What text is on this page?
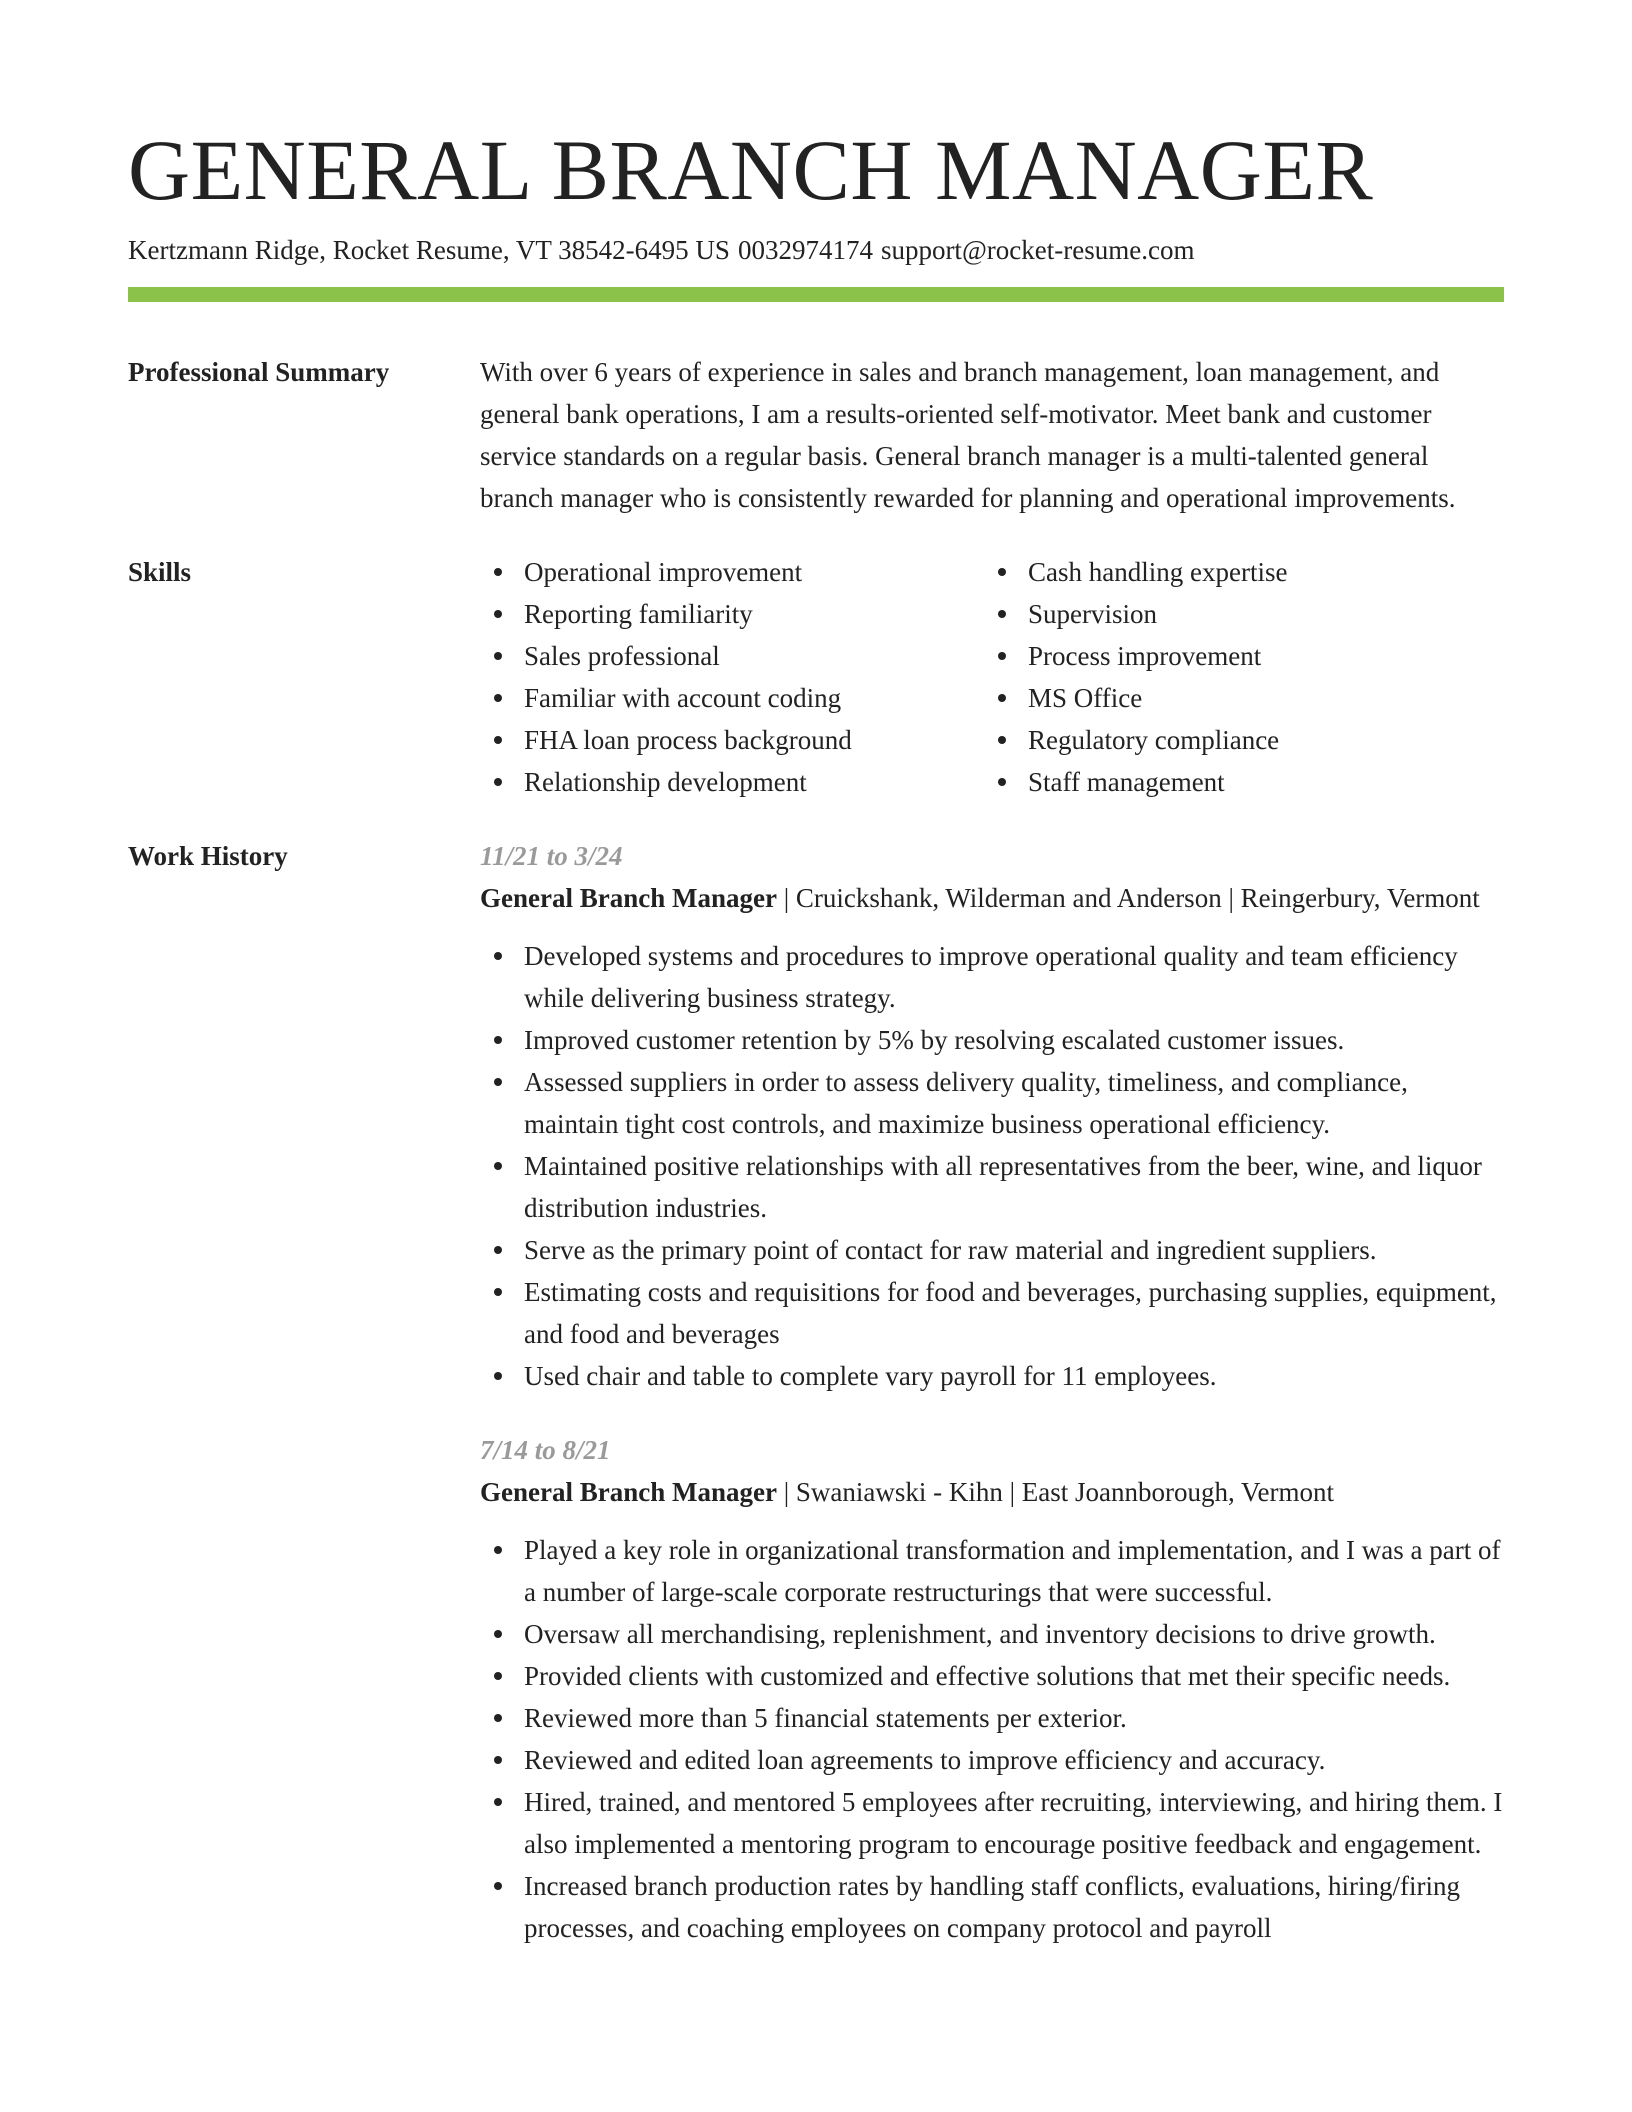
GENERAL BRANCH MANAGER
Kertzmann Ridge, Rocket Resume, VT 38542-6495 US 0032974174 support@rocket-resume.com
Professional Summary	With over 6 years of experience in sales and branch management, loan management, and general bank operations, I am a results-oriented self-motivator. Meet bank and customer service standards on a regular basis. General branch manager is a multi-talented general branch manager who is consistently rewarded for planning and operational improvements.
Skills	Operational improvement
Reporting familiarity
Sales professional
Familiar with account coding
FHA loan process background
Relationship development
Cash handling expertise
Supervision
Process improvement
MS Office
Regulatory compliance
Staff management
Work History	11/21 to 3/24
General Branch Manager | Cruickshank, Wilderman and Anderson | Reingerbury, Vermont
Developed systems and procedures to improve operational quality and team efficiency while delivering business strategy.
Improved customer retention by 5% by resolving escalated customer issues.
Assessed suppliers in order to assess delivery quality, timeliness, and compliance, maintain tight cost controls, and maximize business operational efficiency.
Maintained positive relationships with all representatives from the beer, wine, and liquor distribution industries.
Serve as the primary point of contact for raw material and ingredient suppliers.
Estimating costs and requisitions for food and beverages, purchasing supplies, equipment, and food and beverages
Used chair and table to complete vary payroll for 11 employees.
7/14 to 8/21
General Branch Manager | Swaniawski - Kihn | East Joannborough, Vermont
Played a key role in organizational transformation and implementation, and I was a part of a number of large-scale corporate restructurings that were successful.
Oversaw all merchandising, replenishment, and inventory decisions to drive growth.
Provided clients with customized and effective solutions that met their specific needs.
Reviewed more than 5 financial statements per exterior.
Reviewed and edited loan agreements to improve efficiency and accuracy.
Hired, trained, and mentored 5 employees after recruiting, interviewing, and hiring them. I also implemented a mentoring program to encourage positive feedback and engagement.
Increased branch production rates by handling staff conflicts, evaluations, hiring/firing processes, and coaching employees on company protocol and payroll
